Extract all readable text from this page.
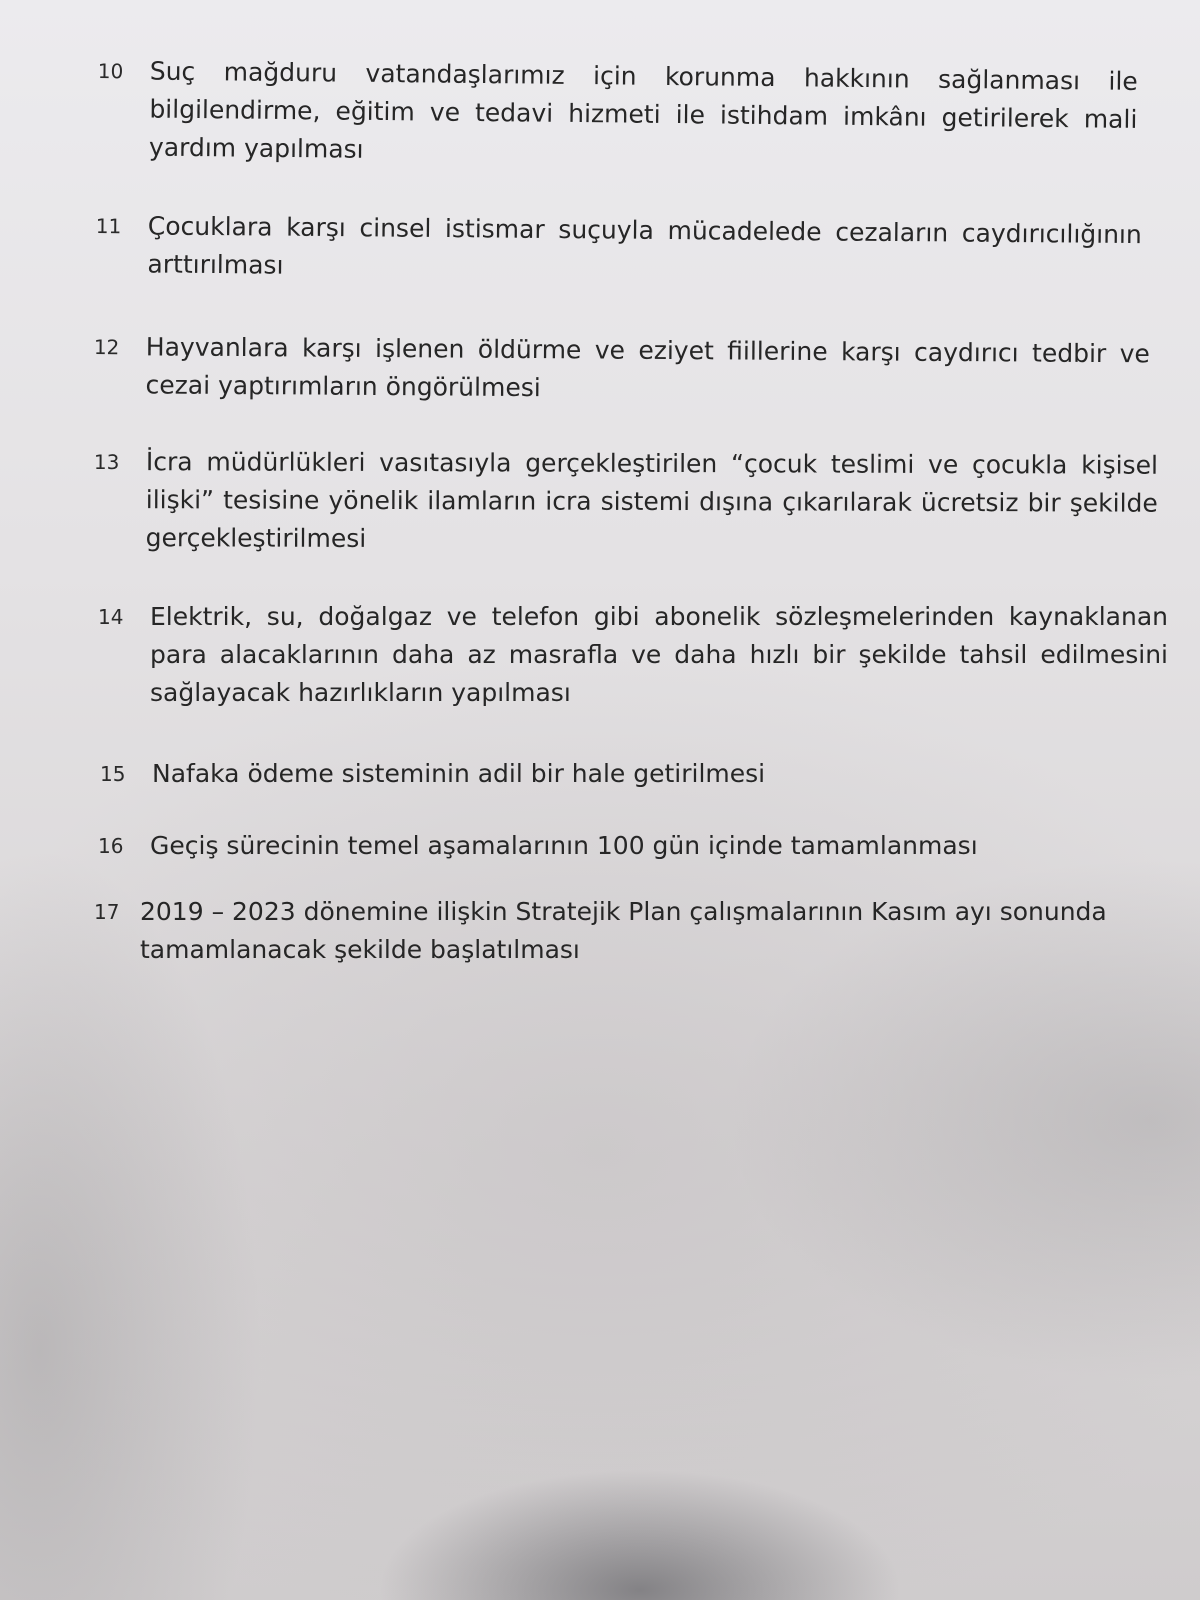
10	Suç mağduru vatandaşlarımız için korunma hakkının sağlanması ile bilgilendirme, eğitim ve tedavi hizmeti ile istihdam imkânı getirilerek mali yardım yapılması
11	Çocuklara karşı cinsel istismar suçuyla mücadelede cezaların caydırıcılığının arttırılması
12	Hayvanlara karşı işlenen öldürme ve eziyet fiillerine karşı caydırıcı tedbir ve cezai yaptırımların öngörülmesi
13	İcra müdürlükleri vasıtasıyla gerçekleştirilen “çocuk teslimi ve çocukla kişisel ilişki” tesisine yönelik ilamların icra sistemi dışına çıkarılarak ücretsiz bir şekilde gerçekleştirilmesi
14	Elektrik, su, doğalgaz ve telefon gibi abonelik sözleşmelerinden kaynaklanan para alacaklarının daha az masrafla ve daha hızlı bir şekilde tahsil edilmesini sağlayacak hazırlıkların yapılması
15	Nafaka ödeme sisteminin adil bir hale getirilmesi
16	Geçiş sürecinin temel aşamalarının 100 gün içinde tamamlanması
17 2019 – 2023 dönemine ilişkin Stratejik Plan çalışmalarının Kasım ayı sonunda tamamlanacak şekilde başlatılması
